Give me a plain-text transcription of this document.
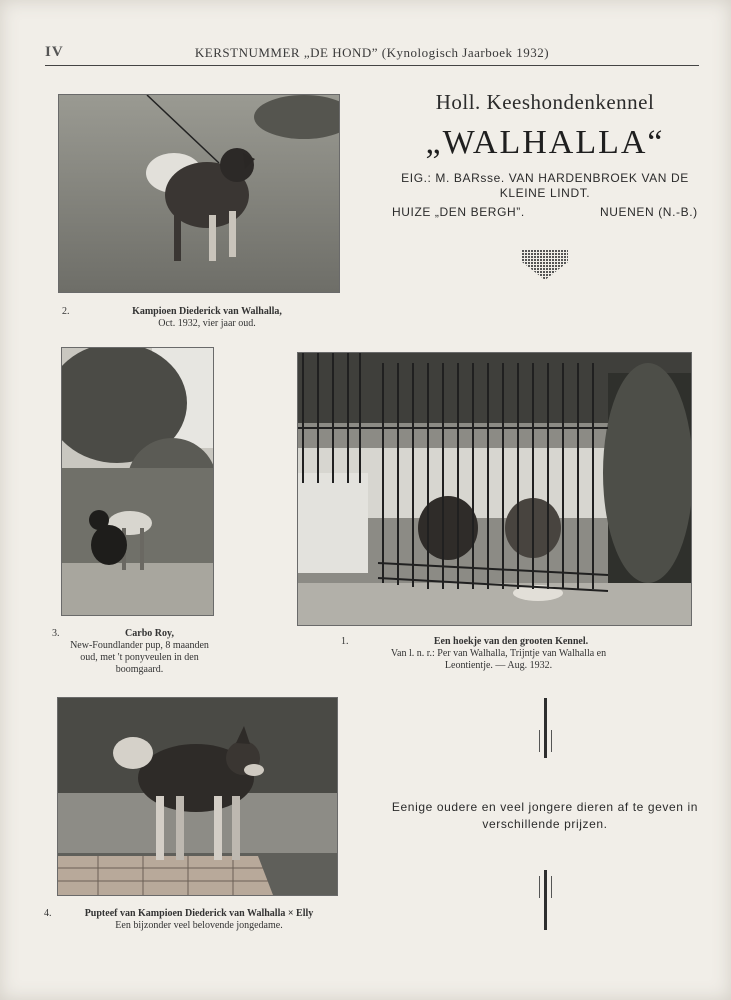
IV	KERSTNUMMER „DE HOND” (Kynologisch Jaarboek 1932)
2.	Kampioen Diederick van Walhalla,
Oct. 1932, vier jaar oud.
Holl. Keeshondenkennel
„WALHALLA“
EIG.: M. BARsse. VAN HARDENBROEK VAN DE KLEINE LINDT.
HUIZE „DEN BERGH”.	NUENEN (N.-B.)
3.	Carbo Roy,
New-Foundlander pup, 8 maanden
oud, met 't ponyveulen in den
boomgaard.
1.	Een hoekje van den grooten Kennel.
Van l. n. r.: Per van Walhalla, Trijntje van Walhalla en
Leontientje. — Aug. 1932.
Eenige oudere en veel jongere dieren af te geven in
verschillende prijzen.
4.	Pupteef van Kampioen Diederick van Walhalla × Elly
Een bijzonder veel belovende jongedame.
